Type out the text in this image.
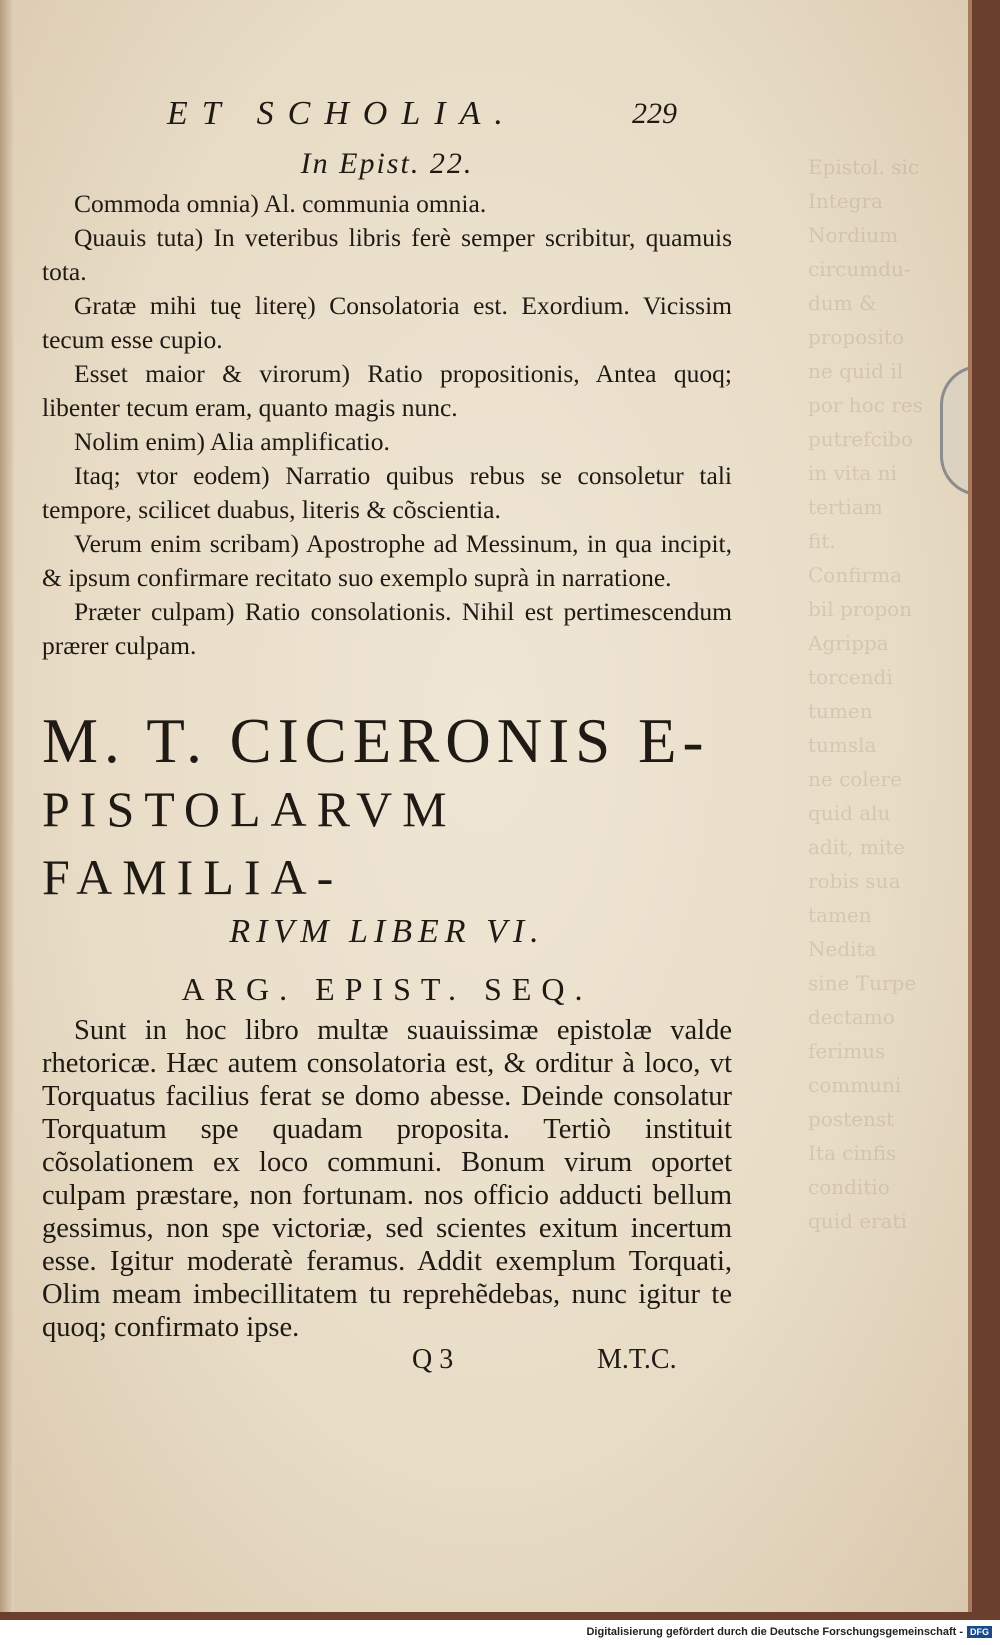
Epistol. sic
Integra
Nordium
circumdu-
dum &
proposito
ne quid il
por hoc res
putrefcibo
in vita ni
tertiam
fit.
Confirma
bil propon
Agrippa
torcendi
tumen
tumsla
ne colere
quid alu
adit, mite
robis sua
tamen
Nedita
sine Turpe
dectamo
ferimus
communi
postenst
Ita cinfis
conditio
quid erati
ET SCHOLIA.	229
In Epist. 22.

Commoda omnia) Al. communia omnia.

Quauis tuta) In veteribus libris ferè semper scribitur, quamuis tota.

Gratæ mihi tuę literę) Consolatoria est. Exordium. Vicissim tecum esse cupio.

Esset maior & virorum) Ratio propositionis, Antea quoq; libenter tecum eram, quanto magis nunc.

Nolim enim) Alia amplificatio.

Itaq; vtor eodem) Narratio quibus rebus se consoletur tali tempore, scilicet duabus, literis & cõscientia.

Verum enim scribam) Apostrophe ad Messinum, in qua incipit, & ipsum confirmare recitato suo exemplo suprà in narratione.

Præter culpam) Ratio consolationis. Nihil est pertimescendum prærer culpam.

M. T. CICERONIS E-
PISTOLARVM FAMILIA-
RIVM LIBER VI.
ARG. EPIST. SEQ.

Sunt in hoc libro multæ suauissimæ epistolæ valde rhetoricæ. Hæc autem consolatoria est, & orditur à loco, vt Torquatus facilius ferat se domo abesse. Deinde consolatur Torquatum spe quadam proposita. Tertiò instituit cõsolationem ex loco communi. Bonum virum oportet culpam præstare, non fortunam. nos officio adducti bellum gessimus, non spe victoriæ, sed scientes exitum incertum esse. Igitur moderatè feramus. Addit exemplum Torquati, Olim meam imbecillitatem tu reprehẽdebas, nunc igitur te quoq; confirmato ipse.

Q 3	M.T.C.
Digitalisierung gefördert durch die Deutsche Forschungsgemeinschaft - DFG
